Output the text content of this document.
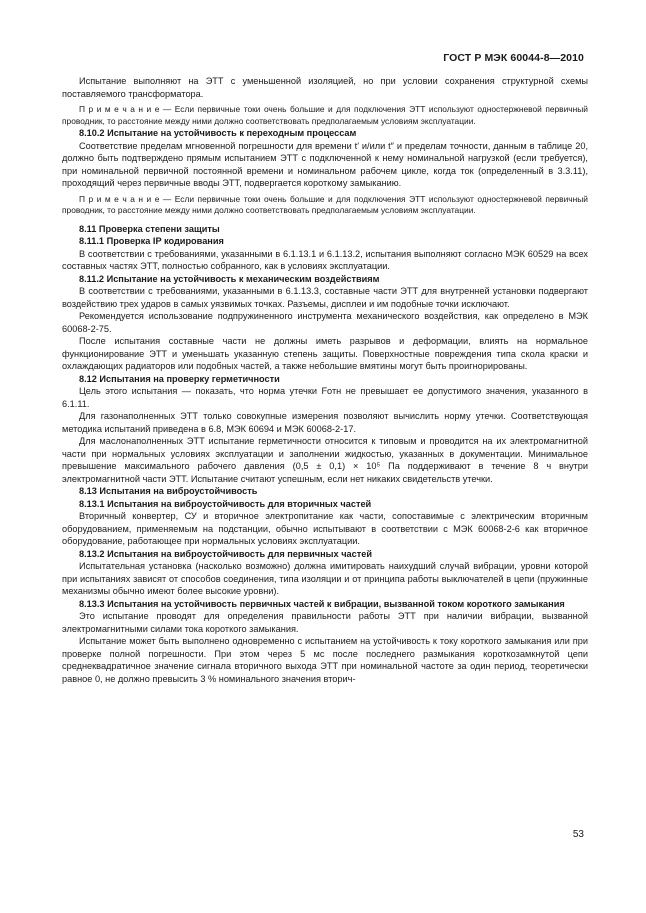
ГОСТ Р МЭК 60044-8—2010

Испытание выполняют на ЭТТ с уменьшенной изоляцией, но при условии сохранения структурной схемы поставляемого трансформатора.

П р и м е ч а н и е — Если первичные токи очень большие и для подключения ЭТТ используют одностержневой первичный проводник, то расстояние между ними должно соответствовать предполагаемым условиям эксплуатации.

8.10.2 Испытание на устойчивость к переходным процессам

Соответствие пределам мгновенной погрешности для времени t′ и/или t″ и пределам точности, данным в таблице 20, должно быть подтверждено прямым испытанием ЭТТ с подключенной к нему номинальной нагрузкой (если требуется), при номинальной первичной постоянной времени и номинальном рабочем цикле, когда ток (определенный в 3.3.11), проходящий через первичные вводы ЭТТ, подвергается короткому замыканию.

П р и м е ч а н и е — Если первичные токи очень большие и для подключения ЭТТ используют одностержневой первичный проводник, то расстояние между ними должно соответствовать предполагаемым условиям эксплуатации.

8.11 Проверка степени защиты
8.11.1 Проверка IP кодирования

В соответствии с требованиями, указанными в 6.1.13.1 и 6.1.13.2, испытания выполняют согласно МЭК 60529 на всех составных частях ЭТТ, полностью собранного, как в условиях эксплуатации.

8.11.2 Испытание на устойчивость к механическим воздействиям

В соответствии с требованиями, указанными в 6.1.13.3, составные части ЭТТ для внутренней установки подвергают воздействию трех ударов в самых уязвимых точках. Разъемы, дисплеи и им подобные точки исключают.

Рекомендуется использование подпружиненного инструмента механического воздействия, как определено в МЭК 60068-2-75.

После испытания составные части не должны иметь разрывов и деформации, влиять на нормальное функционирование ЭТТ и уменьшать указанную степень защиты. Поверхностные повреждения типа скола краски и охлаждающих радиаторов или подобных частей, а также небольшие вмятины могут быть проигнорированы.

8.12 Испытания на проверку герметичности

Цель этого испытания — показать, что норма утечки Fотн не превышает ее допустимого значения, указанного в 6.1.11.

Для газонаполненных ЭТТ только совокупные измерения позволяют вычислить норму утечки. Соответствующая методика испытаний приведена в 6.8, МЭК 60694 и МЭК 60068-2-17.

Для маслонаполненных ЭТТ испытание герметичности относится к типовым и проводится на их электромагнитной части при нормальных условиях эксплуатации и заполнении жидкостью, указанных в документации. Минимальное превышение максимального рабочего давления (0,5 ± 0,1) × 10⁵ Па поддерживают в течение 8 ч внутри электромагнитной части ЭТТ. Испытание считают успешным, если нет никаких свидетельств утечки.

8.13 Испытания на виброустойчивость
8.13.1 Испытания на виброустойчивость для вторичных частей

Вторичный конвертер, СУ и вторичное электропитание как части, сопоставимые с электрическим вторичным оборудованием, применяемым на подстанции, обычно испытывают в соответствии с МЭК 60068-2-6 как вторичное оборудование, работающее при нормальных условиях эксплуатации.

8.13.2 Испытания на виброустойчивость для первичных частей

Испытательная установка (насколько возможно) должна имитировать наихудший случай вибрации, уровни которой при испытаниях зависят от способов соединения, типа изоляции и от принципа работы выключателей в цепи (пружинные механизмы обычно имеют более высокие уровни).

8.13.3 Испытания на устойчивость первичных частей к вибрации, вызванной током короткого замыкания

Это испытание проводят для определения правильности работы ЭТТ при наличии вибрации, вызванной электромагнитными силами тока короткого замыкания.

Испытание может быть выполнено одновременно с испытанием на устойчивость к току короткого замыкания или при проверке полной погрешности. При этом через 5 мс после последнего размыкания короткозамкнутой цепи среднеквадратичное значение сигнала вторичного выхода ЭТТ при номинальной частоте за один период, теоретически равное 0, не должно превысить 3 % номинального значения вторич-

53
